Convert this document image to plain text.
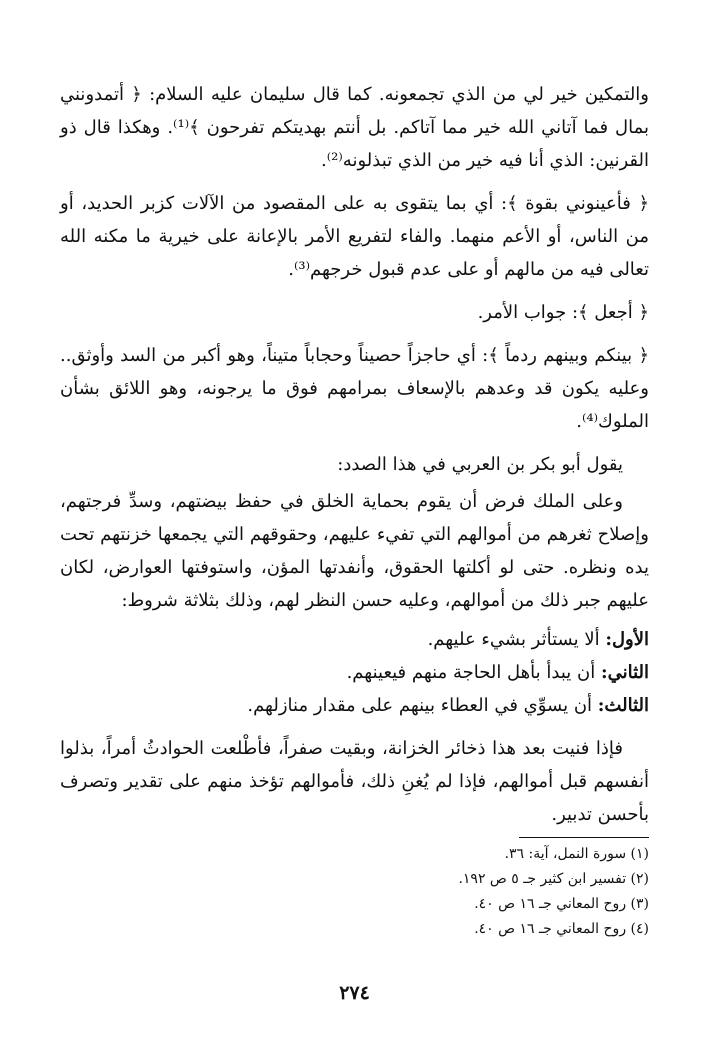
والتمكين خير لي من الذي تجمعونه. كما قال سليمان عليه السلام: ﴿ أتمدونني بمال فما آتاني الله خير مما آتاكم. بل أنتم بهديتكم تفرحون ﴾⁽¹⁾. وهكذا قال ذو القرنين: الذي أنا فيه خير من الذي تبذلونه⁽²⁾.

﴿ فأعينوني بقوة ﴾: أي بما يتقوى به على المقصود من الآلات كزبر الحديد، أو من الناس، أو الأعم منهما. والفاء لتفريع الأمر بالإعانة على خيرية ما مكنه الله تعالى فيه من مالهم أو على عدم قبول خرجهم⁽³⁾.

﴿ أجعل ﴾: جواب الأمر.

﴿ بينكم وبينهم ردماً ﴾: أي حاجزاً حصيناً وحجاباً متيناً، وهو أكبر من السد وأوثق.. وعليه يكون قد وعدهم بالإسعاف بمرامهم فوق ما يرجونه، وهو اللائق بشأن الملوك⁽⁴⁾.

يقول أبو بكر بن العربي في هذا الصدد:

وعلى الملك فرض أن يقوم بحماية الخلق في حفظ بيضتهم، وسدِّ فرجتهم، وإصلاح ثغرهم من أموالهم التي تفيء عليهم، وحقوقهم التي يجمعها خزنتهم تحت يده ونظره. حتى لو أكلتها الحقوق، وأنفدتها المؤن، واستوفتها العوارض، لكان عليهم جبر ذلك من أموالهم، وعليه حسن النظر لهم، وذلك بثلاثة شروط:

الأول: ألا يستأثر بشيء عليهم.

الثاني: أن يبدأ بأهل الحاجة منهم فيعينهم.

الثالث: أن يسوِّي في العطاء بينهم على مقدار منازلهم.

فإذا فنيت بعد هذا ذخائر الخزانة، وبقيت صفراً، فأطْلعت الحوادثُ أمراً، بذلوا أنفسهم قبل أموالهم، فإذا لم يُغنِ ذلك، فأموالهم تؤخذ منهم على تقدير وتصرف بأحسن تدبير.

(١) سورة النمل، آية: ٣٦.

(٢) تفسير ابن كثير جـ ٥ ص ١٩٢.

(٣) روح المعاني جـ ١٦ ص ٤٠.

(٤) روح المعاني جـ ١٦ ص ٤٠.

٢٧٤
